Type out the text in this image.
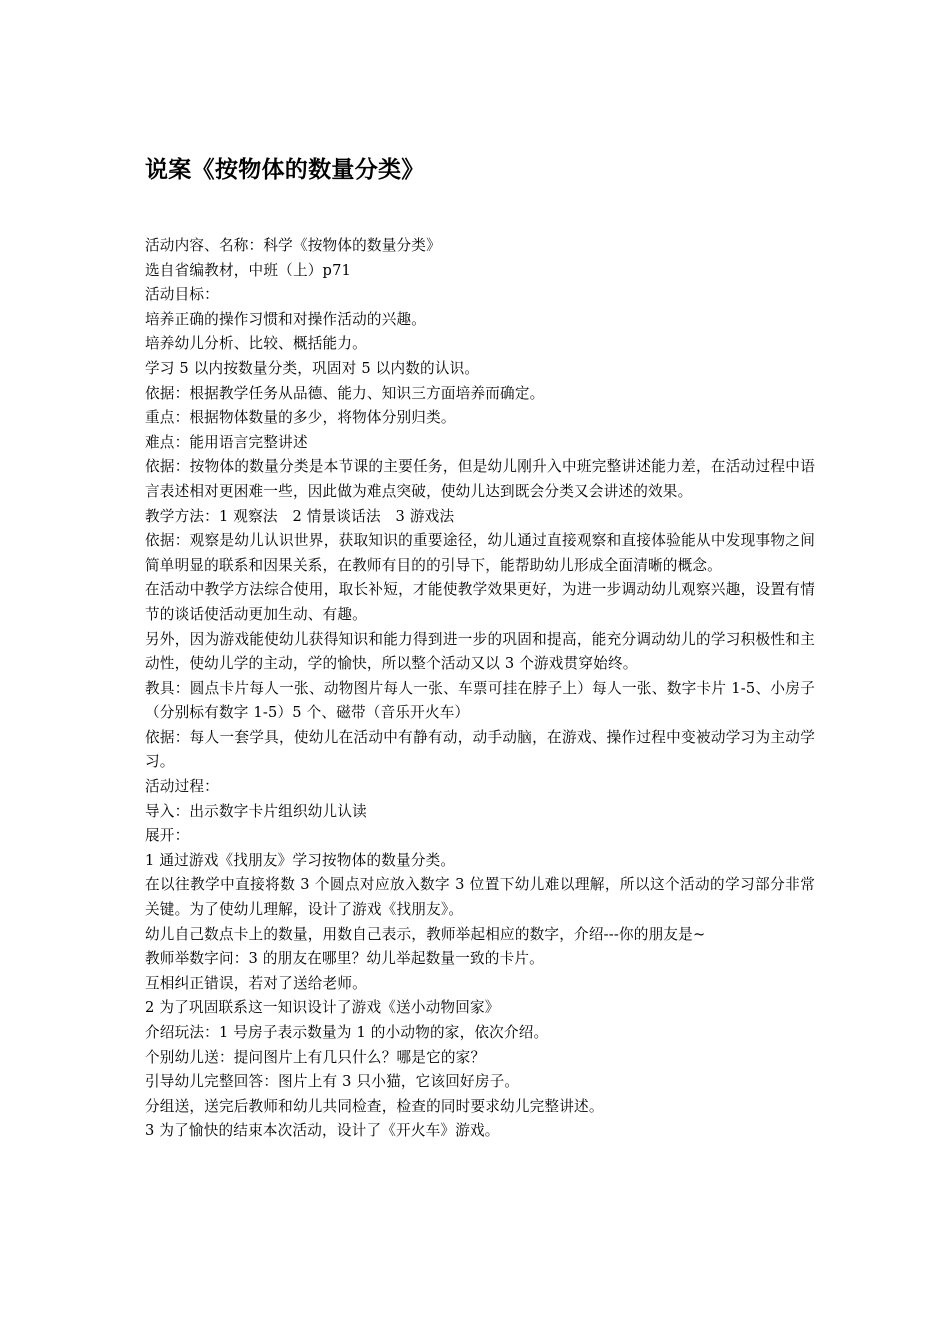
说案《按物体的数量分类》

活动内容、名称：科学《按物体的数量分类》

选自省编教材，中班（上）p71

活动目标：

培养正确的操作习惯和对操作活动的兴趣。

培养幼儿分析、比较、概括能力。

学习 5 以内按数量分类，巩固对 5 以内数的认识。

依据：根据教学任务从品德、能力、知识三方面培养而确定。

重点：根据物体数量的多少，将物体分别归类。

难点：能用语言完整讲述

依据：按物体的数量分类是本节课的主要任务，但是幼儿刚升入中班完整讲述能力差，在活动过程中语言表述相对更困难一些，因此做为难点突破，使幼儿达到既会分类又会讲述的效果。

教学方法：1 观察法　2 情景谈话法　3 游戏法

依据：观察是幼儿认识世界，获取知识的重要途径，幼儿通过直接观察和直接体验能从中发现事物之间简单明显的联系和因果关系，在教师有目的的引导下，能帮助幼儿形成全面清晰的概念。

在活动中教学方法综合使用，取长补短，才能使教学效果更好，为进一步调动幼儿观察兴趣，设置有情节的谈话使活动更加生动、有趣。

另外，因为游戏能使幼儿获得知识和能力得到进一步的巩固和提高，能充分调动幼儿的学习积极性和主动性，使幼儿学的主动，学的愉快，所以整个活动又以 3 个游戏贯穿始终。

教具：圆点卡片每人一张、动物图片每人一张、车票可挂在脖子上）每人一张、数字卡片 1-5、小房子（分别标有数字 1-5）5 个、磁带（音乐开火车）

依据：每人一套学具，使幼儿在活动中有静有动，动手动脑，在游戏、操作过程中变被动学习为主动学习。

活动过程：

导入：出示数字卡片组织幼儿认读

展开：

1 通过游戏《找朋友》学习按物体的数量分类。

在以往教学中直接将数 3 个圆点对应放入数字 3 位置下幼儿难以理解，所以这个活动的学习部分非常关键。为了使幼儿理解，设计了游戏《找朋友》。

幼儿自己数点卡上的数量，用数自己表示，教师举起相应的数字，介绍---你的朋友是~

教师举数字问：3 的朋友在哪里？幼儿举起数量一致的卡片。

互相纠正错误，若对了送给老师。

2 为了巩固联系这一知识设计了游戏《送小动物回家》

介绍玩法：1 号房子表示数量为 1 的小动物的家，依次介绍。

个别幼儿送：提问图片上有几只什么？哪是它的家？

引导幼儿完整回答：图片上有 3 只小猫，它该回好房子。

分组送，送完后教师和幼儿共同检查，检查的同时要求幼儿完整讲述。

3 为了愉快的结束本次活动，设计了《开火车》游戏。
